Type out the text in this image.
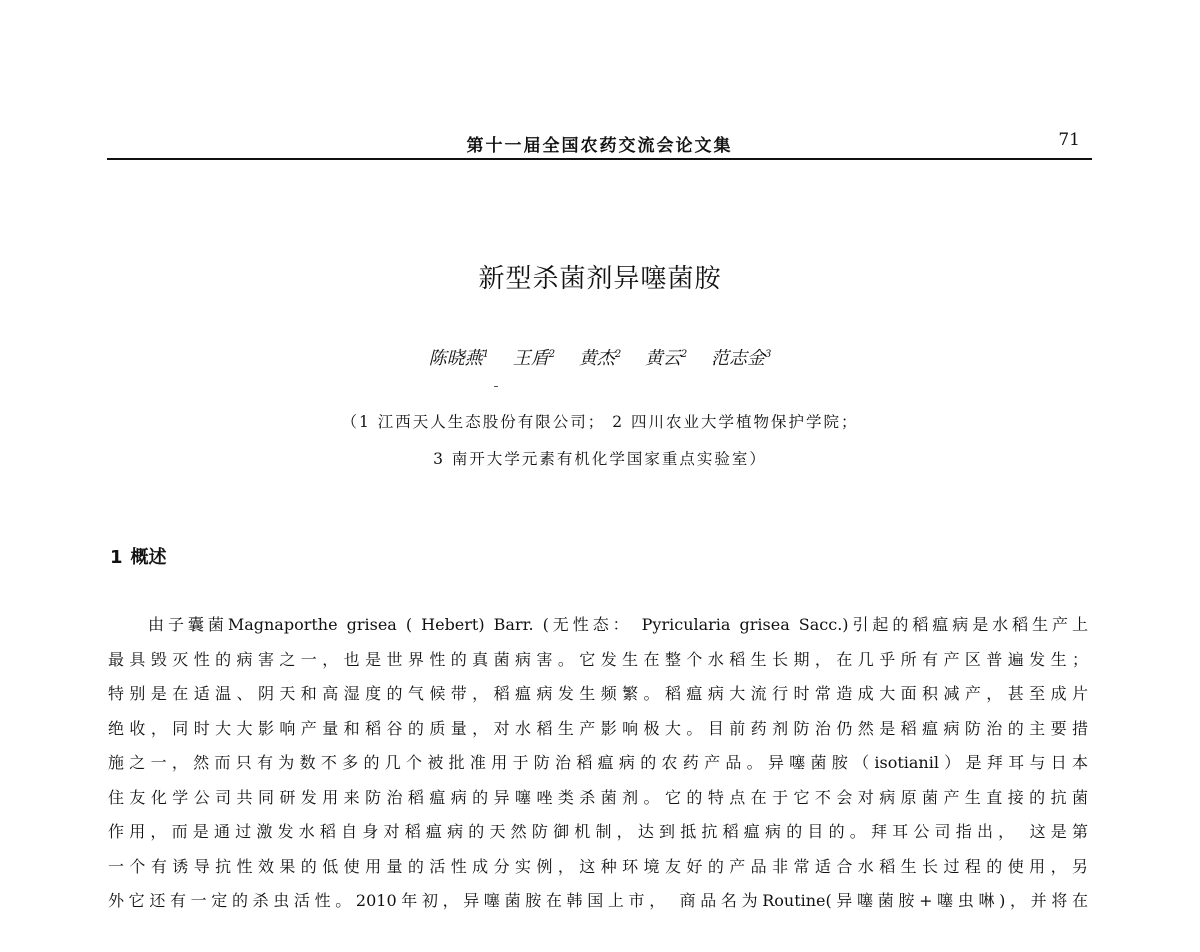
第十一届全国农药交流会论文集	71
新型杀菌剂异噻菌胺
陈晓燕$^1$ 王盾$^2$ 黄杰$^2$ 黄云$^2$ 范志金$^3$
（1 江西天人生态股份有限公司； 2 四川农业大学植物保护学院；
3 南开大学元素有机化学国家重点实验室）
1 概述
由子囊菌Magnaporthe grisea ( Hebert) Barr. (无性态： Pyricularia grisea Sacc.)引起的稻瘟病是水稻生产上
最具毁灭性的病害之一，也是世界性的真菌病害。它发生在整个水稻生长期，在几乎所有产区普遍发生；
特别是在适温、阴天和高湿度的气候带，稻瘟病发生频繁。稻瘟病大流行时常造成大面积减产，甚至成片
绝收，同时大大影响产量和稻谷的质量，对水稻生产影响极大。目前药剂防治仍然是稻瘟病防治的主要措
施之一，然而只有为数不多的几个被批准用于防治稻瘟病的农药产品。异噻菌胺（isotianil）是拜耳与日本
住友化学公司共同研发用来防治稻瘟病的异噻唑类杀菌剂。它的特点在于它不会对病原菌产生直接的抗菌
作用，而是通过激发水稻自身对稻瘟病的天然防御机制，达到抵抗稻瘟病的目的。拜耳公司指出， 这是第
一个有诱导抗性效果的低使用量的活性成分实例，这种环境友好的产品非常适合水稻生长过程的使用，另
外它还有一定的杀虫活性。2010年初，异噻菌胺在韩国上市， 商品名为Routine(异噻菌胺+噻虫啉)，并将在
